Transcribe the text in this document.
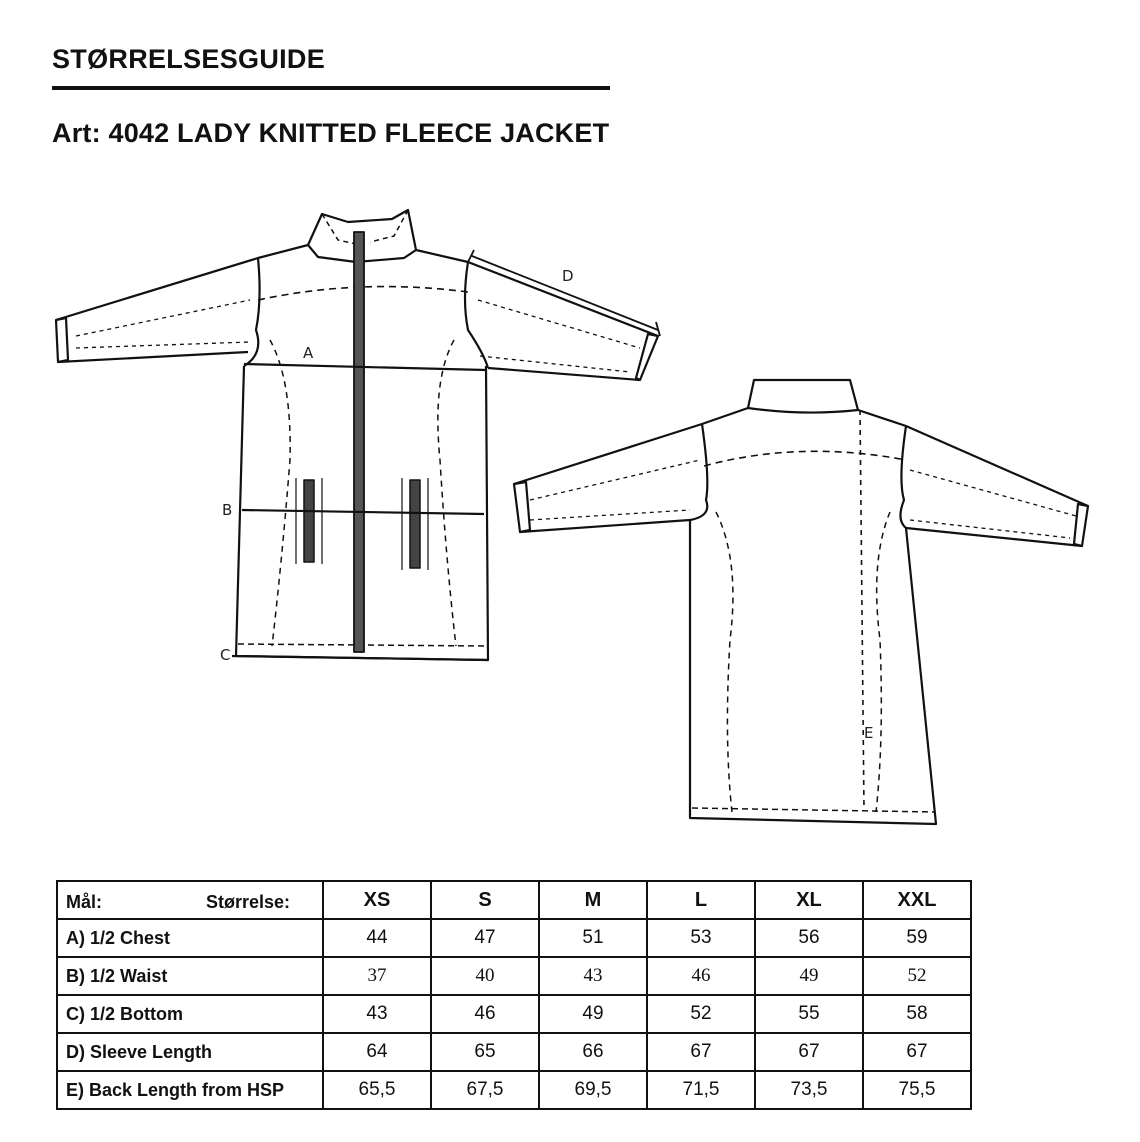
STØRRELSESGUIDE
Art: 4042 LADY KNITTED FLEECE JACKET
A
B
C
D
E
Mål: Størrelse:	XS	S	M	L	XL	XXL
A) 1/2 Chest	44	47	51	53	56	59
B) 1/2 Waist	37	40	43	46	49	52
C) 1/2 Bottom	43	46	49	52	55	58
D) Sleeve Length	64	65	66	67	67	67
E) Back Length from HSP	65,5	67,5	69,5	71,5	73,5	75,5
